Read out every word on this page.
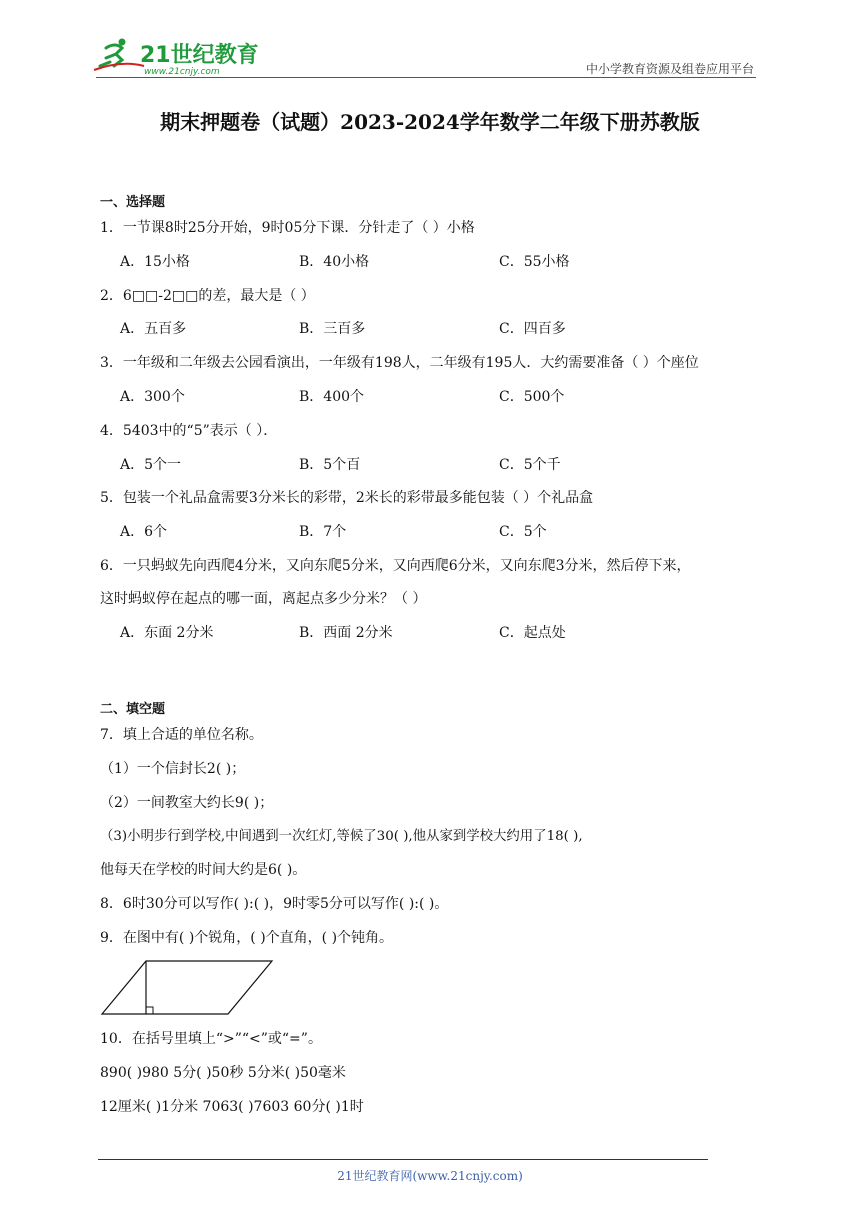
21世纪教育
www.21cnjy.com	中小学教育资源及组卷应用平台
期末押题卷（试题）2023-2024学年数学二年级下册苏教版
一、选择题
1．一节课8时25分开始，9时05分下课．分针走了（ ）小格
A．15小格	B．40小格	C．55小格
2．6□□-2□□的差，最大是（ ）
A．五百多	B．三百多	C．四百多
3．一年级和二年级去公园看演出，一年级有198人，二年级有195人．大约需要准备（ ）个座位
A．300个	B．400个	C．500个
4．5403中的“5”表示（ ）．
A．5个一	B．5个百	C．5个千
5．包装一个礼品盒需要3分米长的彩带，2米长的彩带最多能包装（ ）个礼品盒
A．6个	B．7个	C．5个
6．一只蚂蚁先向西爬4分米，又向东爬5分米，又向西爬6分米，又向东爬3分米，然后停下来，
这时蚂蚁停在起点的哪一面，离起点多少分米？（ ）
A．东面 2分米	B．西面 2分米	C．起点处
二、填空题
7．填上合适的单位名称。
（1）一个信封长2( )；
（2）一间教室大约长9( )；
（3)小明步行到学校,中间遇到一次红灯,等候了30( ),他从家到学校大约用了18( ),
他每天在学校的时间大约是6( )。
8．6时30分可以写作( ):( )，9时零5分可以写作( ):( )。
9．在图中有( )个锐角，( )个直角，( )个钝角。
10．在括号里填上“>”“<”或“=”。
890( )980 5分( )50秒 5分米( )50毫米
12厘米( )1分米 7063( )7603 60分( )1时
21世纪教育网(www.21cnjy.com)
